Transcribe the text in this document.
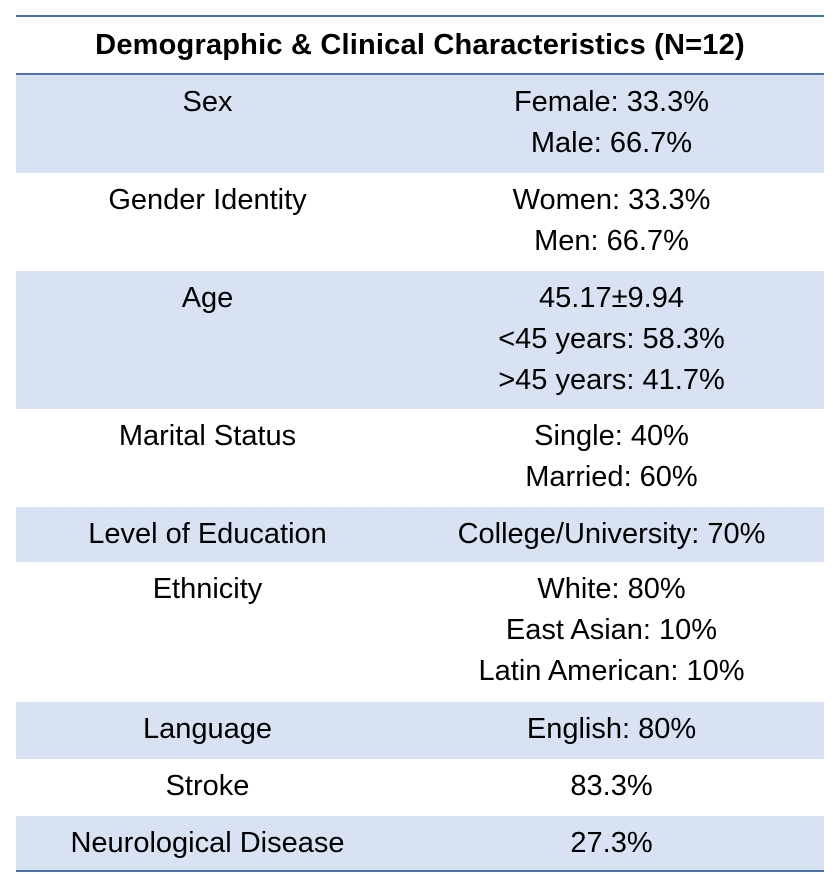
Demographic & Clinical Characteristics (N=12)
Sex	Female: 33.3%
Male: 66.7%
Gender Identity	Women: 33.3%
Men: 66.7%
Age	45.17±9.94
<45 years: 58.3%
>45 years: 41.7%
Marital Status	Single: 40%
Married: 60%
Level of Education	College/University: 70%
Ethnicity	White: 80%
East Asian: 10%
Latin American: 10%
Language	English: 80%
Stroke	83.3%
Neurological Disease	27.3%
